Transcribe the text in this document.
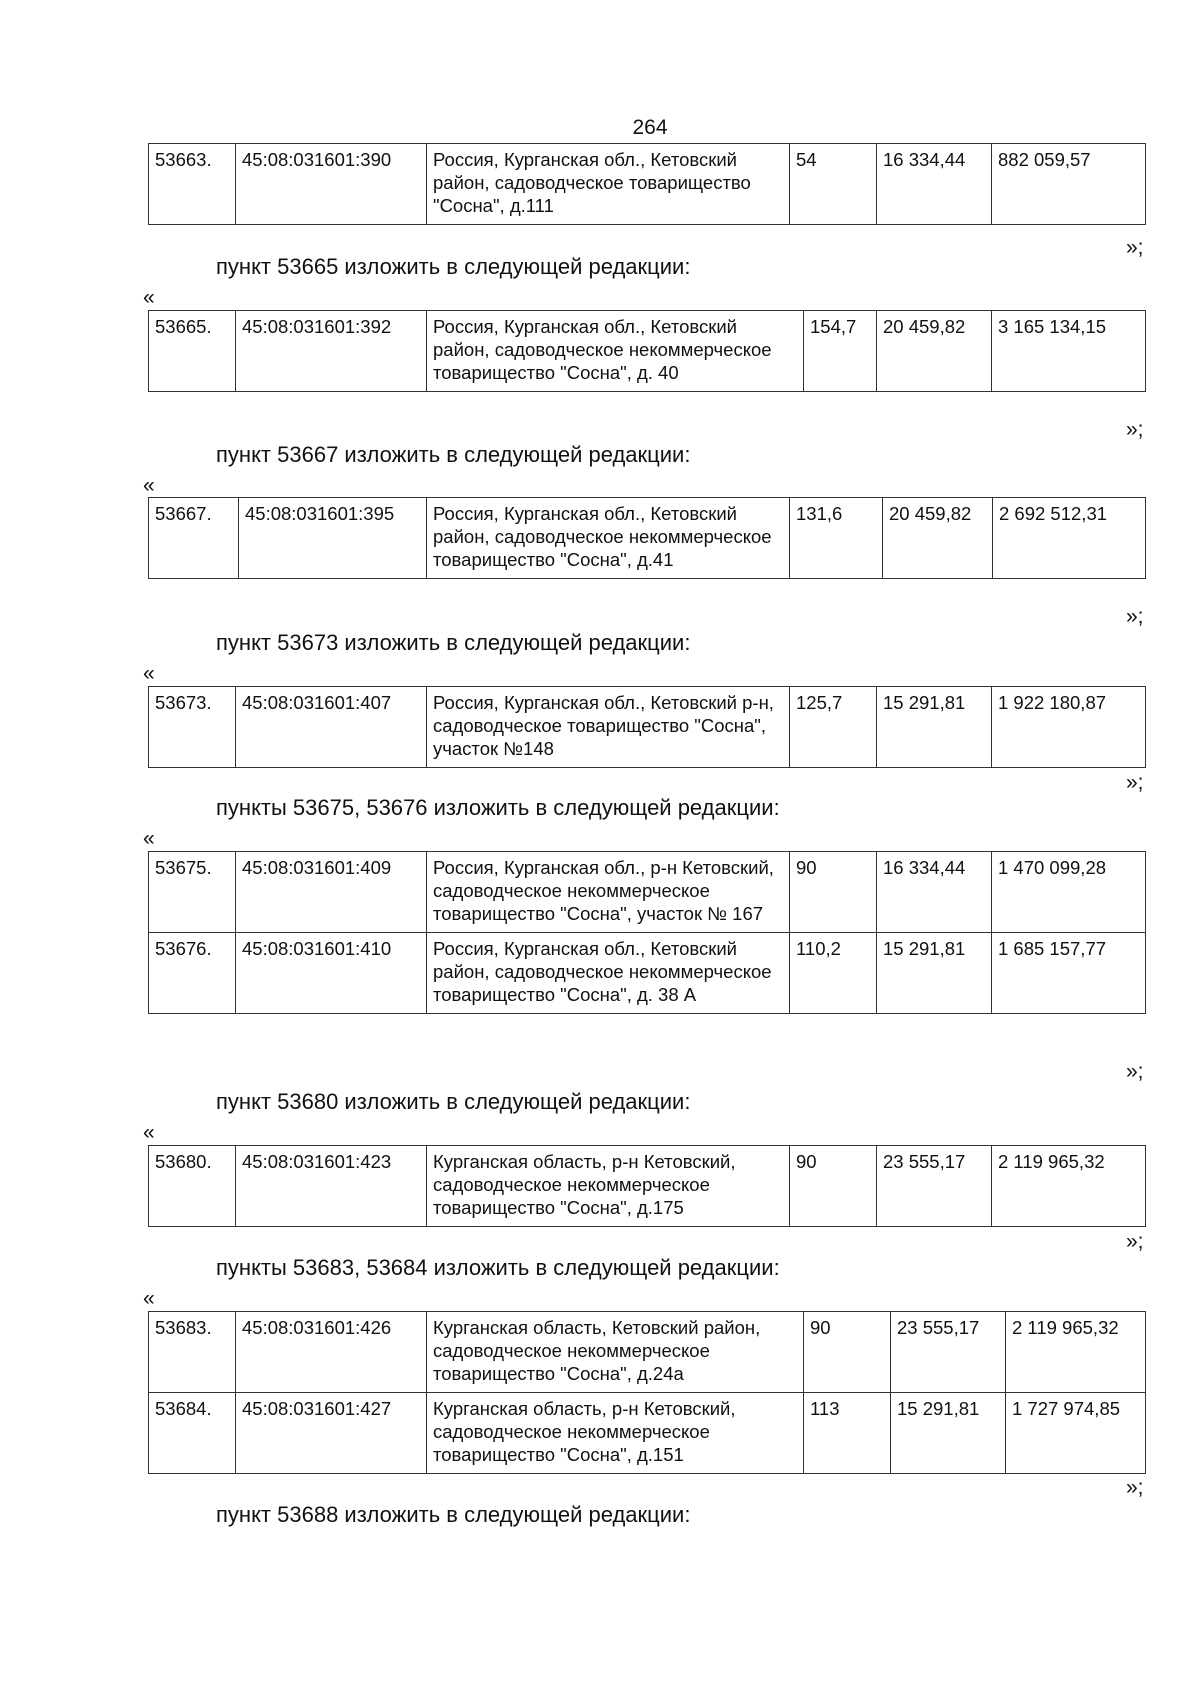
264
53663.	45:08:031601:390	Россия, Курганская обл., Кетовский район, садоводческое товарищество "Сосна", д.111	54	16 334,44	882 059,57
»;
пункт 53665 изложить в следующей редакции:
«
53665.	45:08:031601:392	Россия, Курганская обл., Кетовский район, садоводческое некоммерческое товарищество "Сосна", д. 40	154,7	20 459,82	3 165 134,15
»;
пункт 53667 изложить в следующей редакции:
«
53667.	45:08:031601:395	Россия, Курганская обл., Кетовский район, садоводческое некоммерческое товарищество "Сосна", д.41	131,6	20 459,82	2 692 512,31
»;
пункт 53673 изложить в следующей редакции:
«
53673.	45:08:031601:407	Россия, Курганская обл., Кетовский р-н, садоводческое товарищество "Сосна", участок №148	125,7	15 291,81	1 922 180,87
»;
пункты 53675, 53676 изложить в следующей редакции:
«
53675.	45:08:031601:409	Россия, Курганская обл., р-н Кетовский, садоводческое некоммерческое товарищество "Сосна", участок № 167	90	16 334,44	1 470 099,28
53676.	45:08:031601:410	Россия, Курганская обл., Кетовский район, садоводческое некоммерческое товарищество "Сосна", д. 38 А	110,2	15 291,81	1 685 157,77
»;
пункт 53680 изложить в следующей редакции:
«
53680.	45:08:031601:423	Курганская область, р-н Кетовский, садоводческое некоммерческое товарищество "Сосна", д.175	90	23 555,17	2 119 965,32
»;
пункты 53683, 53684 изложить в следующей редакции:
«
53683.	45:08:031601:426	Курганская область, Кетовский район, садоводческое некоммерческое товарищество "Сосна", д.24а	90	23 555,17	2 119 965,32
53684.	45:08:031601:427	Курганская область, р-н Кетовский, садоводческое некоммерческое товарищество "Сосна", д.151	113	15 291,81	1 727 974,85
»;
пункт 53688 изложить в следующей редакции:
